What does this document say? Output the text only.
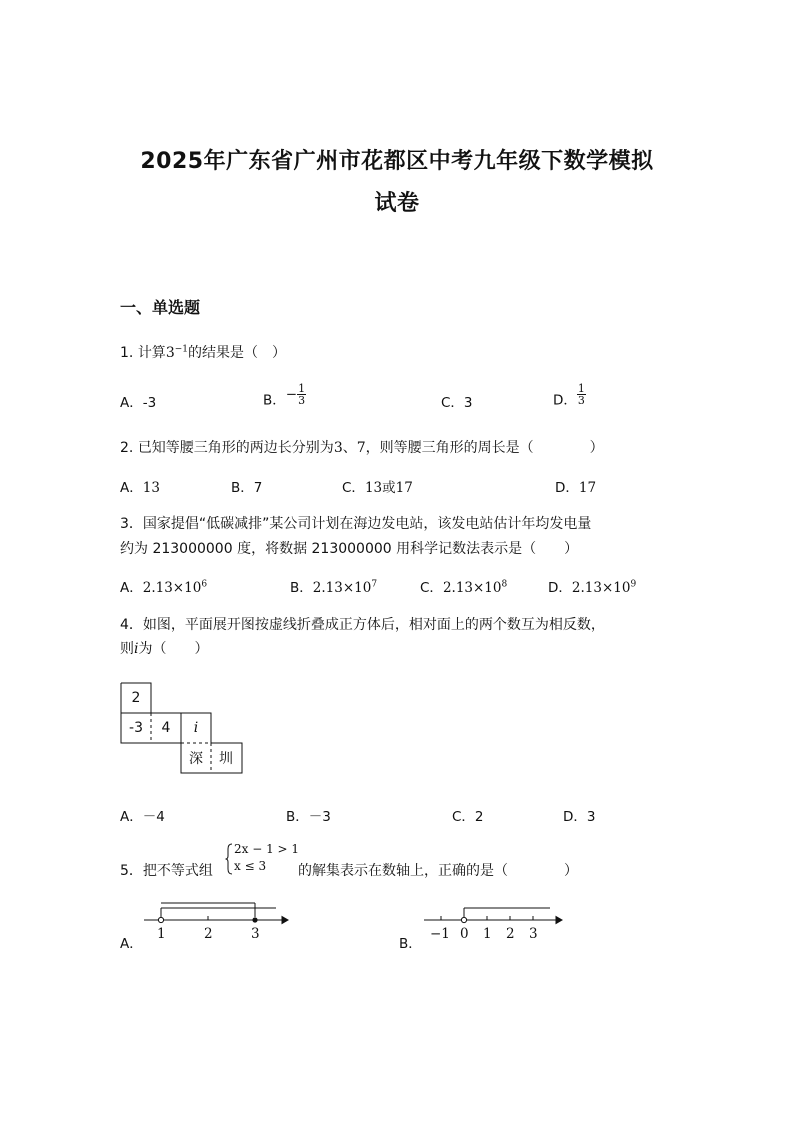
2025年广东省广州市花都区中考九年级下数学模拟
试卷
一、单选题
1. 计算$3^{-1}$的结果是（　）
A．-3	B．− $\frac{1}{3}$	C．3	D． $\frac{1}{3}$
2. 已知等腰三角形的两边长分别为3、7，则等腰三角形的周长是（　　　　）
A．13	B．7	C．13或17	D．17
3．国家提倡“低碳减排”某公司计划在海边发电站，该发电站估计年均发电量
约为 213000000 度，将数据 213000000 用科学记数法表示是（　　）
A．$2.13\times 10^6$	B．$2.13\times 10^7$	C．$2.13\times 10^8$	D．$2.13\times 10^9$
4．如图，平面展开图按虚线折叠成正方体后，相对面上的两个数互为相反数，
则i为（　　）
2
-3	4	i
深	圳
A．－4	B．－3	C．2	D．3
5．把不等式组
2x − 1 > 1
x ≤ 3 的解集表示在数轴上，正确的是（　　　　）
A．
1	2	3
B．
−1 0 1 2 3
